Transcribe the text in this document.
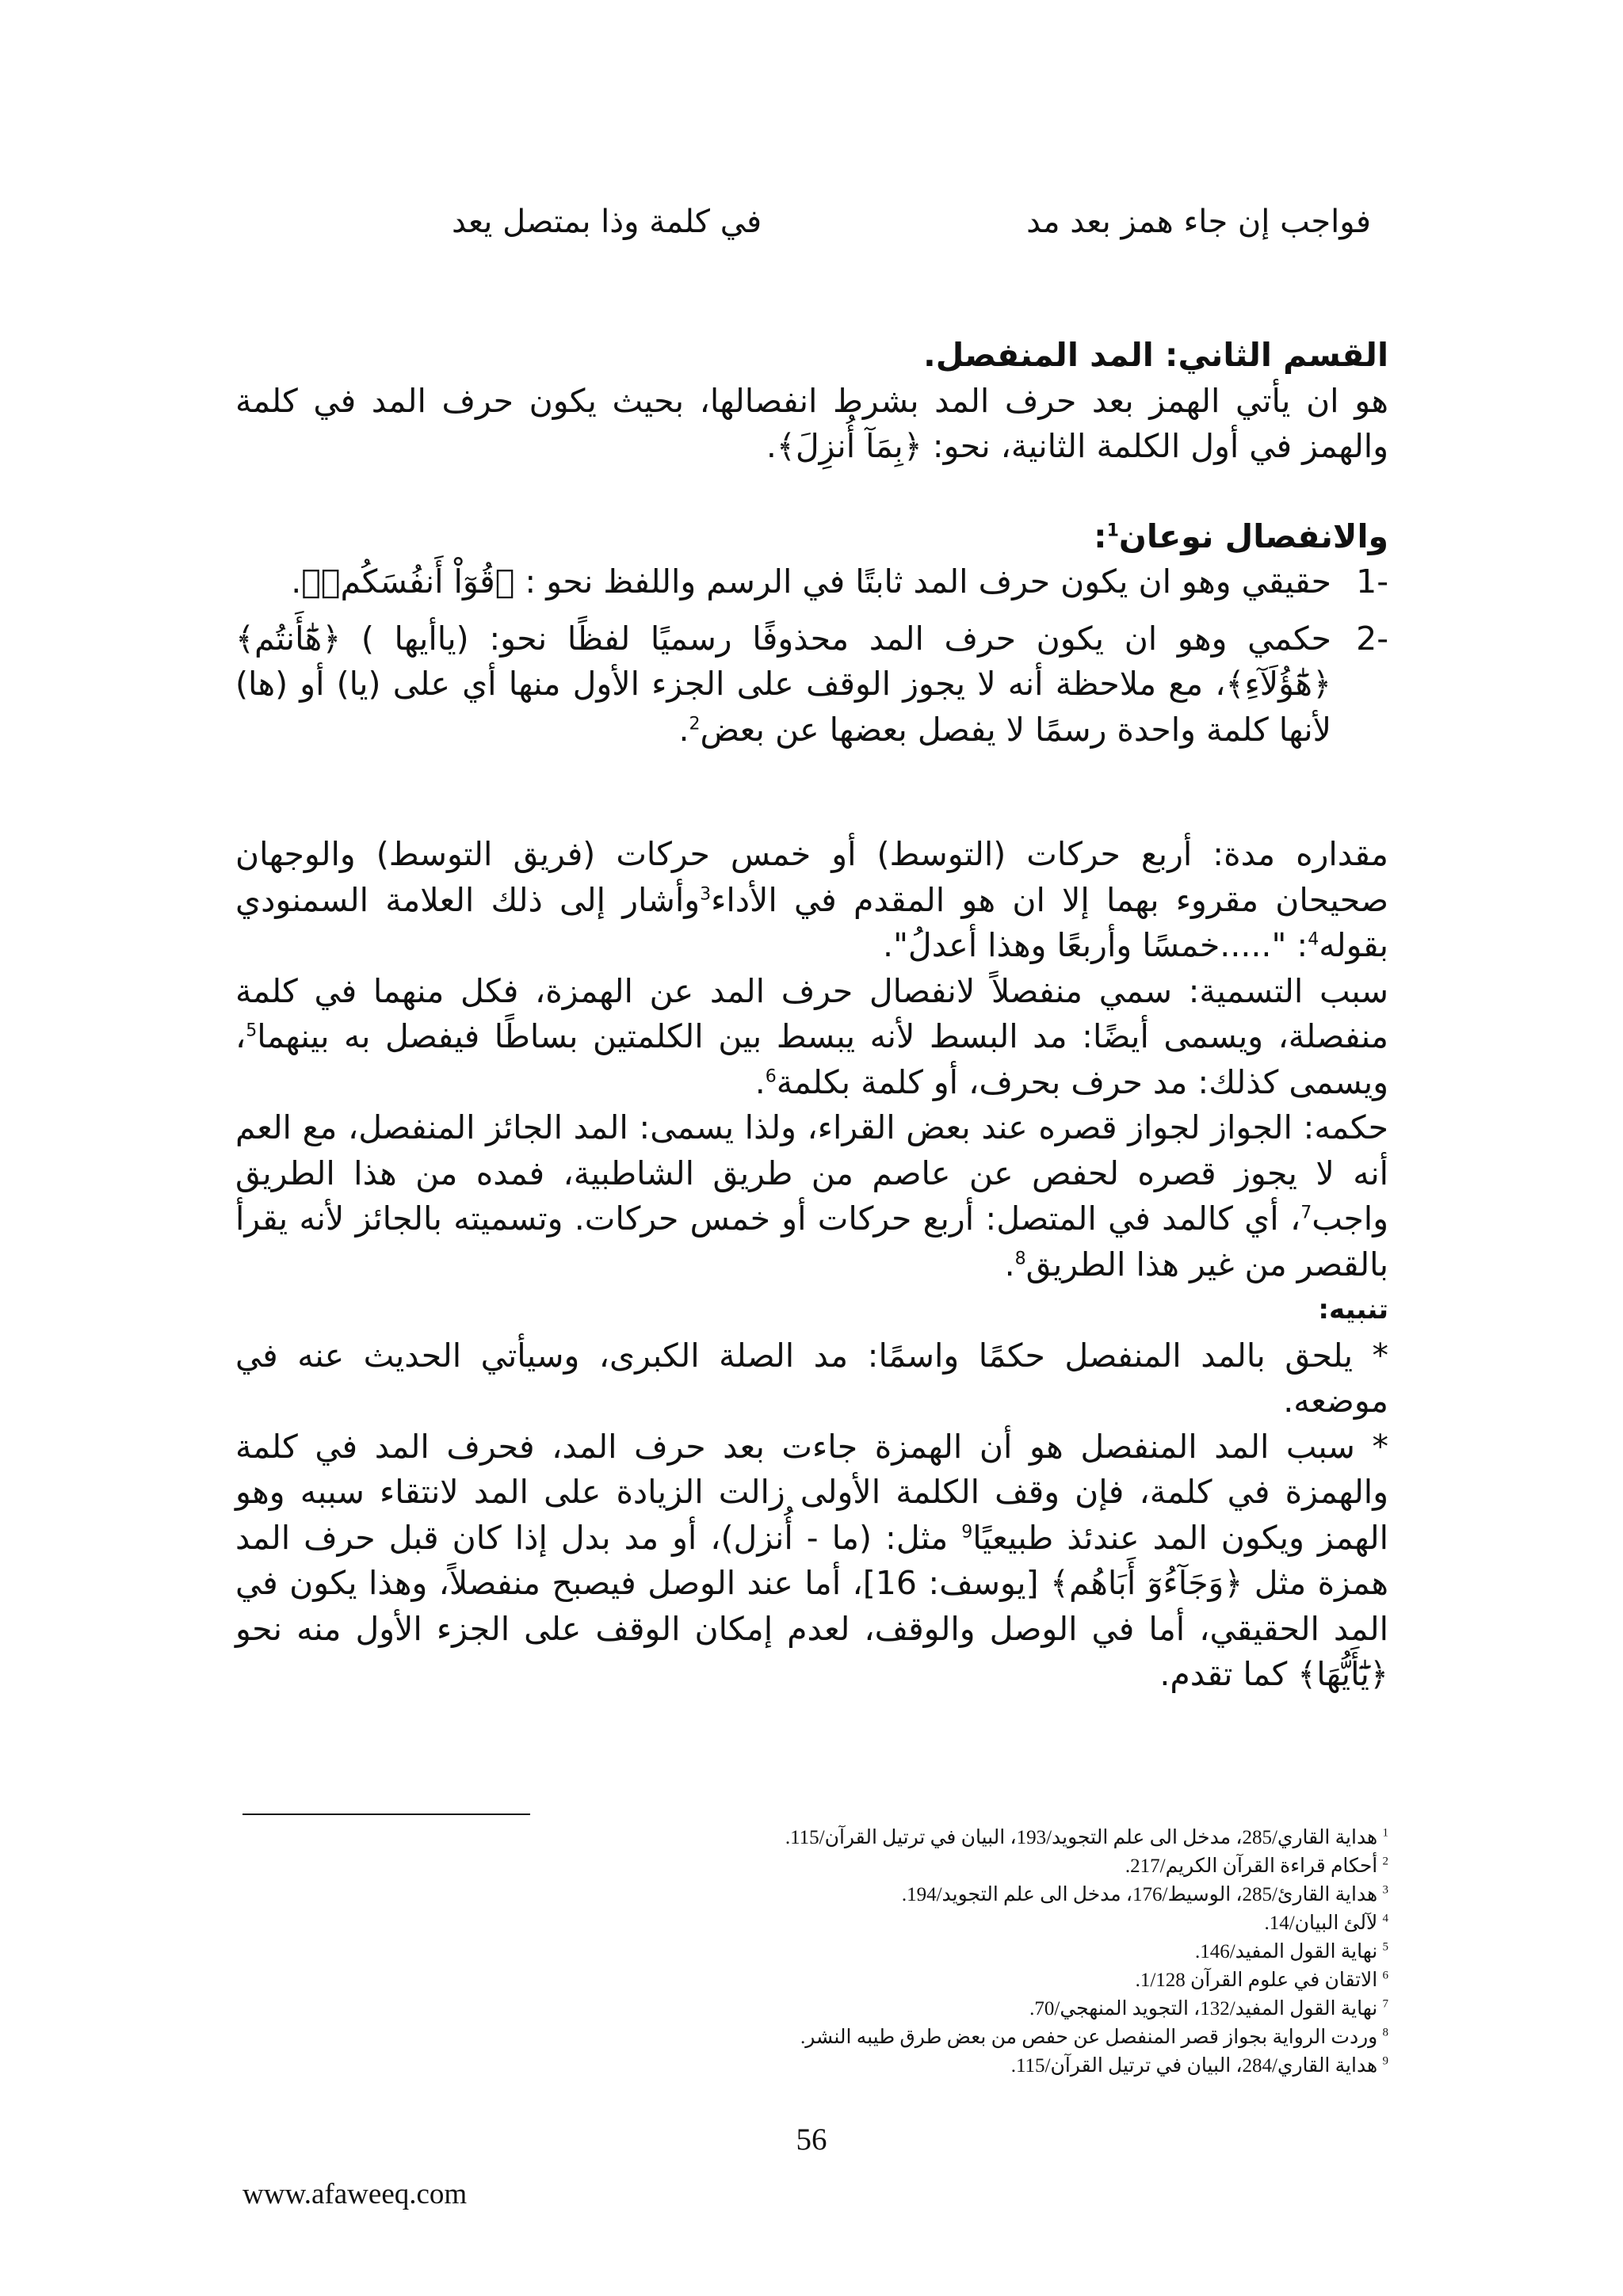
فواجب إن جاء همز بعد مد
في كلمة وذا بمتصل يعد

القسم الثاني: المد المنفصل.

هو ان يأتي الهمز بعد حرف المد بشرط انفصالها، بحيث يكون حرف المد في كلمة والهمز في أول الكلمة الثانية، نحو: ﴿بِمَآ أُنزِلَ﴾.

والانفصال نوعان$^1$:

-1
حقيقي وهو ان يكون حرف المد ثابتًا في الرسم واللفظ نحو : ﴿قُوٓاْ أَنفُسَكُمۡ﴾.
-2
حكمي وهو ان يكون حرف المد محذوفًا رسميًا لفظًا نحو: (ياأيها ) ﴿هَٰٓأَنتُم﴾ ﴿هَٰٓؤُلَآءِ﴾، مع ملاحظة أنه لا يجوز الوقف على الجزء الأول منها أي على (يا) أو (ها) لأنها كلمة واحدة رسمًا لا يفصل بعضها عن بعض$^2$.

مقداره مدة: أربع حركات (التوسط) أو خمس حركات (فريق التوسط) والوجهان صحيحان مقروء بهما إلا ان هو المقدم في الأداء$^3$وأشار إلى ذلك العلامة السمنودي بقوله$^4$: ".....خمسًا وأربعًا وهذا أعدلُ".

سبب التسمية: سمي منفصلاً لانفصال حرف المد عن الهمزة، فكل منهما في كلمة منفصلة، ويسمى أيضًا: مد البسط لأنه يبسط بين الكلمتين بساطًا فيفصل به بينهما$^5$، ويسمى كذلك: مد حرف بحرف، أو كلمة بكلمة$^6$.

حكمه: الجواز لجواز قصره عند بعض القراء، ولذا يسمى: المد الجائز المنفصل، مع العم أنه لا يجوز قصره لحفص عن عاصم من طريق الشاطبية، فمده من هذا الطريق واجب$^7$، أي كالمد في المتصل: أربع حركات أو خمس حركات. وتسميته بالجائز لأنه يقرأ بالقصر من غير هذا الطريق$^8$.

تنبيه:

* يلحق بالمد المنفصل حكمًا واسمًا: مد الصلة الكبرى، وسيأتي الحديث عنه في موضعه.

* سبب المد المنفصل هو أن الهمزة جاءت بعد حرف المد، فحرف المد في كلمة والهمزة في كلمة، فإن وقف الكلمة الأولى زالت الزيادة على المد لانتقاء سببه وهو الهمز ويكون المد عندئذ طبيعيًا$^9$ مثل: (ما - أُنزل)، أو مد بدل إذا كان قبل حرف المد همزة مثل ﴿وَجَآءُوٓ أَبَاهُم﴾ [يوسف: 16]، أما عند الوصل فيصبح منفصلاً، وهذا يكون في المد الحقيقي، أما في الوصل والوقف، لعدم إمكان الوقف على الجزء الأول منه نحو ﴿يَٰٓأَيُّهَا﴾ كما تقدم.

$^1$ هداية القاري/285، مدخل الى علم التجويد/193، البيان في ترتيل القرآن/115.
$^2$ أحكام قراءة القرآن الكريم/217.
$^3$ هداية القارئ/285، الوسيط/176، مدخل الى علم التجويد/194.
$^4$ لآلئ البيان/14.
$^5$ نهاية القول المفيد/146.
$^6$ الاتقان في علوم القرآن 1/128.
$^7$ نهاية القول المفيد/132، التجويد المنهجي/70.
$^8$ وردت الرواية بجواز قصر المنفصل عن حفص من بعض طرق طيبه النشر.
$^9$ هداية القاري/284، البيان في ترتيل القرآن/115.
56
www.afaweeq.com
